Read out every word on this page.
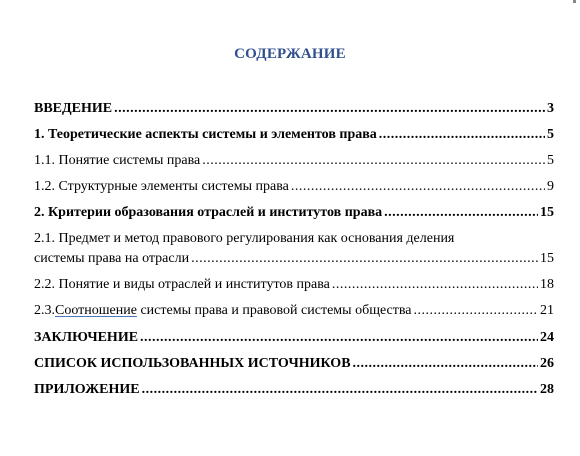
СОДЕРЖАНИЕ
ВВЕДЕНИЕ .....	3
1. Теоретические аспекты системы и элементов права .....	5
1.1. Понятие системы права .....	5
1.2. Структурные элементы системы права .....	9
2. Критерии образования отраслей и институтов права .....	15
2.1. Предмет и метод правового регулирования как основания деления
системы права на отрасли .....	15
2.2. Понятие и виды отраслей и институтов права .....	18
2.3.Соотношение системы права и правовой системы общества .....	21
ЗАКЛЮЧЕНИЕ .....	24
СПИСОК ИСПОЛЬЗОВАННЫХ ИСТОЧНИКОВ .....	26
ПРИЛОЖЕНИЕ .....	28
